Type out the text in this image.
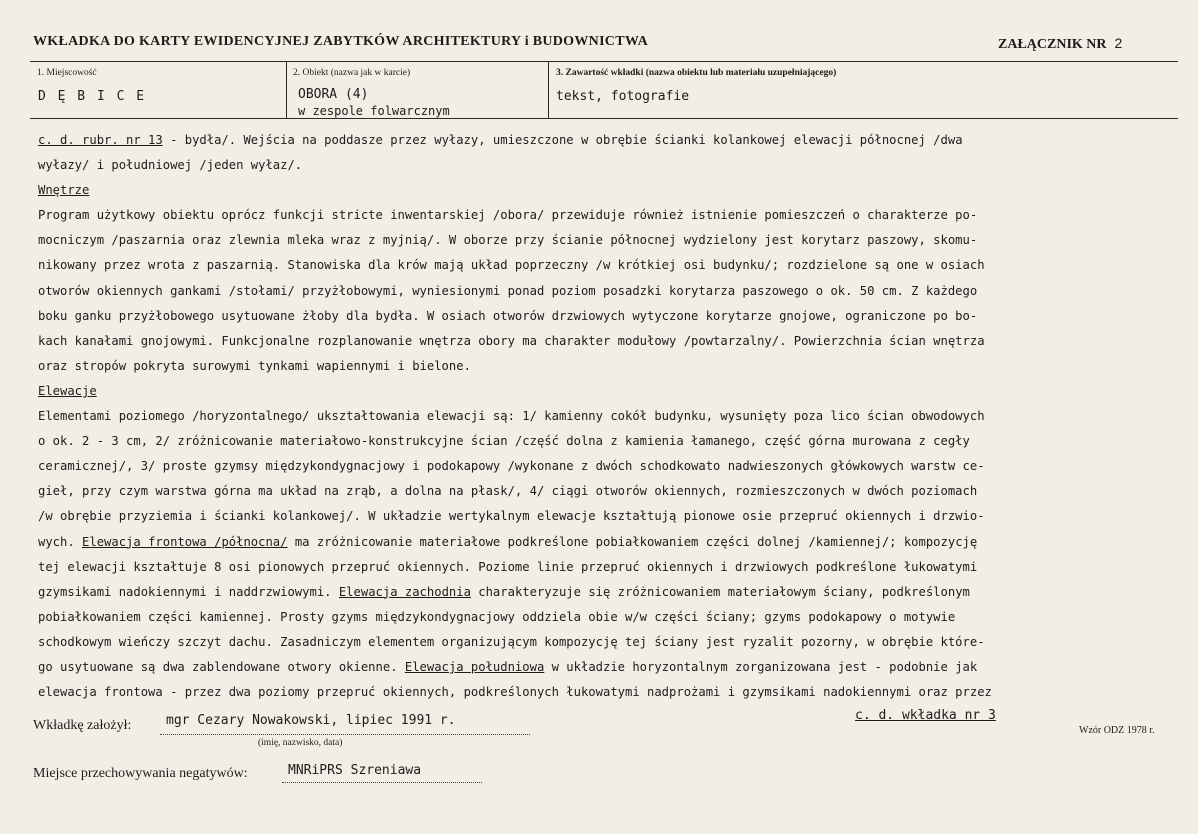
WKŁADKA DO KARTY EWIDENCYJNEJ ZABYTKÓW ARCHITEKTURY i BUDOWNICTWA	ZAŁĄCZNIK NR 2
1. Miejscowość
D Ę B I C E
2. Obiekt (nazwa jak w karcie)
OBORA (4)
w zespole folwarcznym
3. Zawartość wkładki (nazwa obiektu lub materiału uzupełniającego)
tekst, fotografie
c. d. rubr. nr 13 - bydła/. Wejścia na poddasze przez wyłazy, umieszczone w obrębie ścianki kolankowej elewacji północnej /dwa
wyłazy/ i południowej /jeden wyłaz/.
Wnętrze
Program użytkowy obiektu oprócz funkcji stricte inwentarskiej /obora/ przewiduje również istnienie pomieszczeń o charakterze po-
mocniczym /paszarnia oraz zlewnia mleka wraz z myjnią/. W oborze przy ścianie północnej wydzielony jest korytarz paszowy, skomu-
nikowany przez wrota z paszarnią. Stanowiska dla krów mają układ poprzeczny /w krótkiej osi budynku/; rozdzielone są one w osiach
otworów okiennych gankami /stołami/ przyżłobowymi, wyniesionymi ponad poziom posadzki korytarza paszowego o ok. 50 cm. Z każdego
boku ganku przyżłobowego usytuowane żłoby dla bydła. W osiach otworów drzwiowych wytyczone korytarze gnojowe, ograniczone po bo-
kach kanałami gnojowymi. Funkcjonalne rozplanowanie wnętrza obory ma charakter modułowy /powtarzalny/. Powierzchnia ścian wnętrza
oraz stropów pokryta surowymi tynkami wapiennymi i bielone.
Elewacje
Elementami poziomego /horyzontalnego/ ukształtowania elewacji są: 1/ kamienny cokół budynku, wysunięty poza lico ścian obwodowych
o ok. 2 - 3 cm, 2/ zróżnicowanie materiałowo-konstrukcyjne ścian /część dolna z kamienia łamanego, część górna murowana z cegły
ceramicznej/, 3/ proste gzymsy międzykondygnacjowy i podokapowy /wykonane z dwóch schodkowato nadwieszonych główkowych warstw ce-
gieł, przy czym warstwa górna ma układ na zrąb, a dolna na płask/, 4/ ciągi otworów okiennych, rozmieszczonych w dwóch poziomach
/w obrębie przyziemia i ścianki kolankowej/. W układzie wertykalnym elewacje kształtują pionowe osie przepruć okiennych i drzwio-
wych. Elewacja frontowa /północna/ ma zróżnicowanie materiałowe podkreślone pobiałkowaniem części dolnej /kamiennej/; kompozycję
tej elewacji kształtuje 8 osi pionowych przepruć okiennych. Poziome linie przepruć okiennych i drzwiowych podkreślone łukowatymi
gzymsikami nadokiennymi i naddrzwiowymi. Elewacja zachodnia charakteryzuje się zróżnicowaniem materiałowym ściany, podkreślonym
pobiałkowaniem części kamiennej. Prosty gzyms międzykondygnacjowy oddziela obie w/w części ściany; gzyms podokapowy o motywie
schodkowym wieńczy szczyt dachu. Zasadniczym elementem organizującym kompozycję tej ściany jest ryzalit pozorny, w obrębie które-
go usytuowane są dwa zablendowane otwory okienne. Elewacja południowa w układzie horyzontalnym zorganizowana jest - podobnie jak
elewacja frontowa - przez dwa poziomy przepruć okiennych, podkreślonych łukowatymi nadprożami i gzymsikami nadokiennymi oraz przez
Wkładkę założył:	mgr Cezary Nowakowski, lipiec 1991 r.
(imię, nazwisko, data)
c. d. wkładka nr 3
Wzór ODZ 1978 r.
Miejsce przechowywania negatywów:	MNRiPRS Szreniawa
